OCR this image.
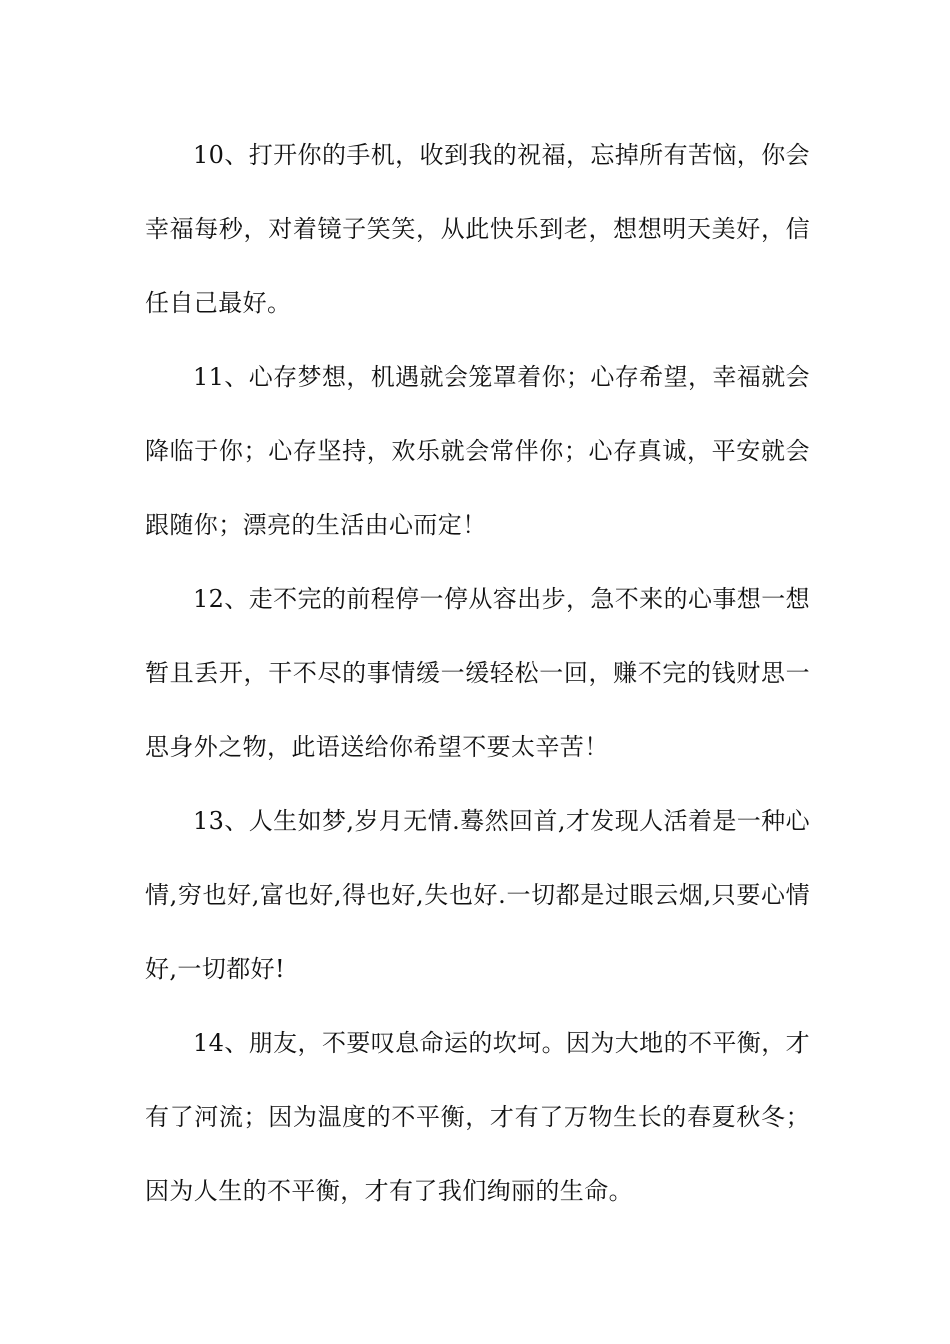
10、打开你的手机，收到我的祝福，忘掉所有苦恼，你会幸福每秒，对着镜子笑笑，从此快乐到老，想想明天美好，信任自己最好。

11、心存梦想，机遇就会笼罩着你；心存希望，幸福就会降临于你；心存坚持，欢乐就会常伴你；心存真诚，平安就会跟随你；漂亮的生活由心而定！

12、走不完的前程停一停从容出步，急不来的心事想一想暂且丢开，干不尽的事情缓一缓轻松一回，赚不完的钱财思一思身外之物，此语送给你希望不要太辛苦！

13、人生如梦,岁月无情.蓦然回首,才发现人活着是一种心情,穷也好,富也好,得也好,失也好.一切都是过眼云烟,只要心情好,一切都好!

14、朋友，不要叹息命运的坎坷。因为大地的不平衡，才有了河流；因为温度的不平衡，才有了万物生长的春夏秋冬；因为人生的不平衡，才有了我们绚丽的生命。
